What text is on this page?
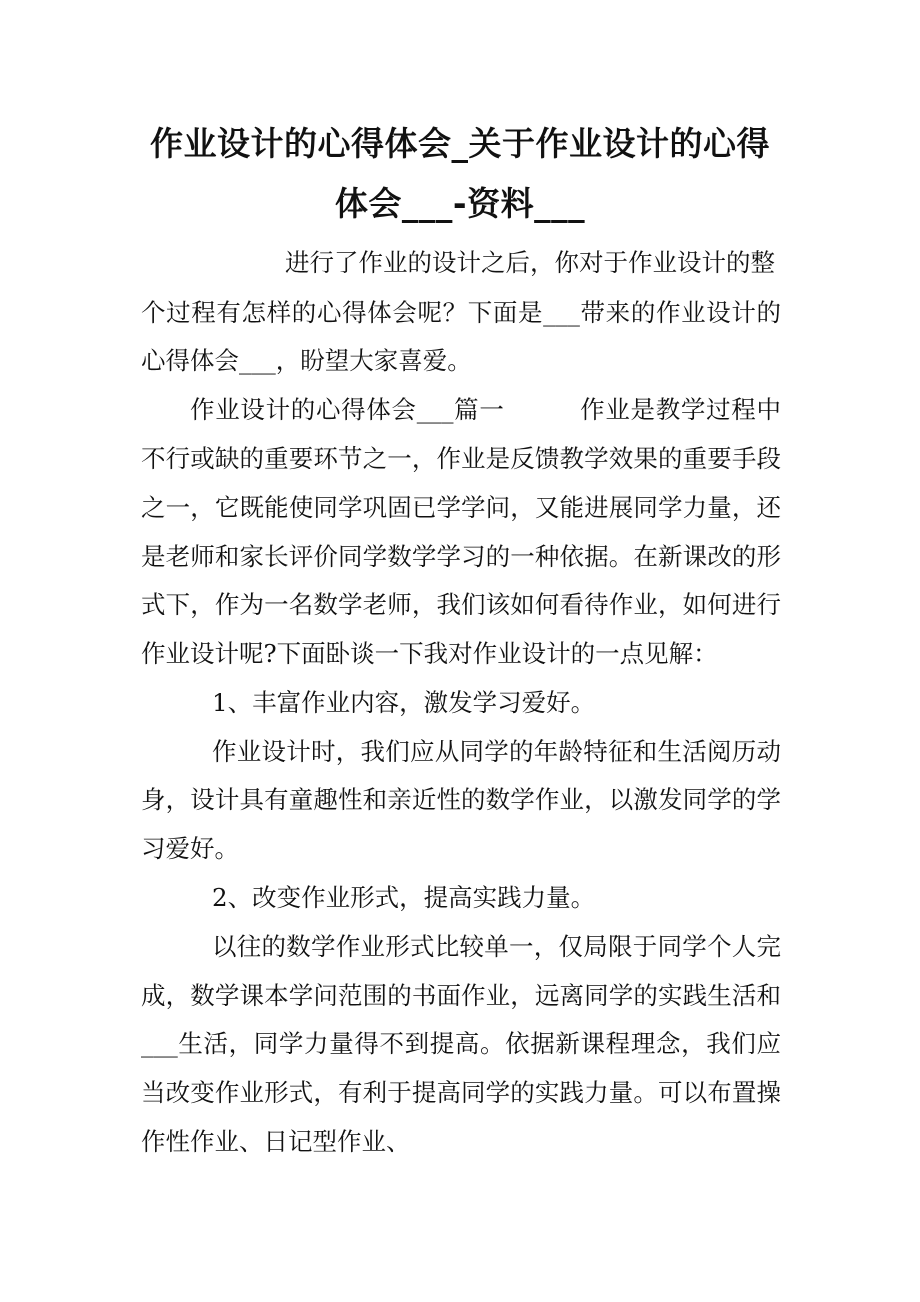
作业设计的心得体会_关于作业设计的心得
体会___-资料___
进行了作业的设计之后，你对于作业设计的整
个过程有怎样的心得体会呢？下面是___带来的作业设计的
心得体会___，盼望大家喜爱。
作业设计的心得体会___篇一　　　作业是教学过程中
不行或缺的重要环节之一，作业是反馈教学效果的重要手段
之一，它既能使同学巩固已学学问，又能进展同学力量，还
是老师和家长评价同学数学学习的一种依据。在新课改的形
式下，作为一名数学老师，我们该如何看待作业，如何进行
作业设计呢?下面卧谈一下我对作业设计的一点见解：
1、丰富作业内容，激发学习爱好。
作业设计时，我们应从同学的年龄特征和生活阅历动
身，设计具有童趣性和亲近性的数学作业，以激发同学的学
习爱好。
2、改变作业形式，提高实践力量。
以往的数学作业形式比较单一，仅局限于同学个人完
成，数学课本学问范围的书面作业，远离同学的实践生活和
___生活，同学力量得不到提高。依据新课程理念，我们应
当改变作业形式，有利于提高同学的实践力量。可以布置操
作性作业、日记型作业、
